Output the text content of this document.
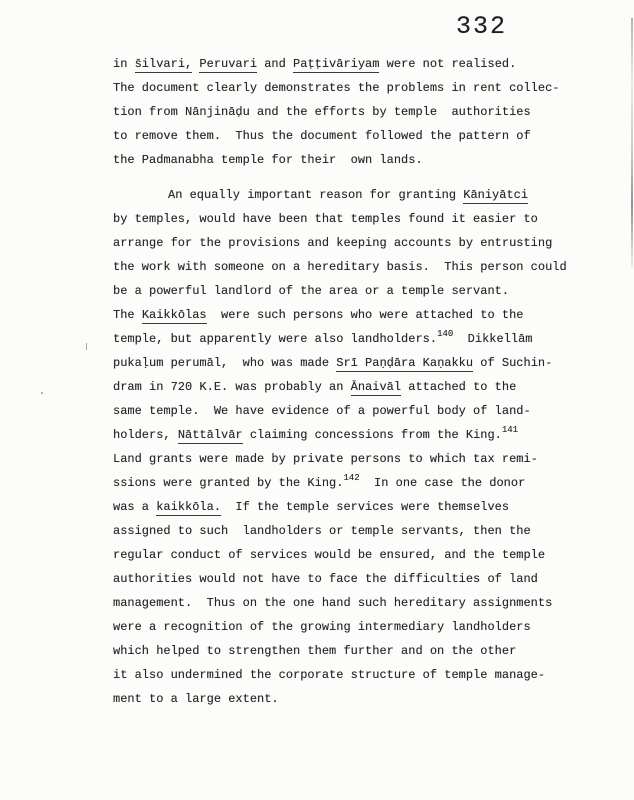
332
in s̄ilvari, Peruvari and Paṭṭivāriyam were not realised.
The document clearly demonstrates the problems in rent collec-
tion from Nānjināḍu and the efforts by temple  authorities
to remove them.  Thus the document followed the pattern of
the Padmanabha temple for their  own lands.
An equally important reason for granting Kāniyātci
by temples, would have been that temples found it easier to
arrange for the provisions and keeping accounts by entrusting
the work with someone on a hereditary basis.  This person could
be a powerful landlord of the area or a temple servant.
The Kaikkōlas  were such persons who were attached to the
temple, but apparently were also landholders.$^{140}$  Dikkellām
pukaḷum perumāl,  who was made Srī Paṇḍāra Kaṇakku of Suchin-
dram in 720 K.E. was probably an Ānaivāl attached to the
same temple.  We have evidence of a powerful body of land-
holders, Nāttālvār claiming concessions from the King.$^{141}$
Land grants were made by private persons to which tax remi-
ssions were granted by the King.$^{142}$  In one case the donor
was a kaikkōla.  If the temple services were themselves
assigned to such  landholders or temple servants, then the
regular conduct of services would be ensured, and the temple
authorities would not have to face the difficulties of land
management.  Thus on the one hand such hereditary assignments
were a recognition of the growing intermediary landholders
which helped to strengthen them further and on the other
it also undermined the corporate structure of temple manage-
ment to a large extent.
